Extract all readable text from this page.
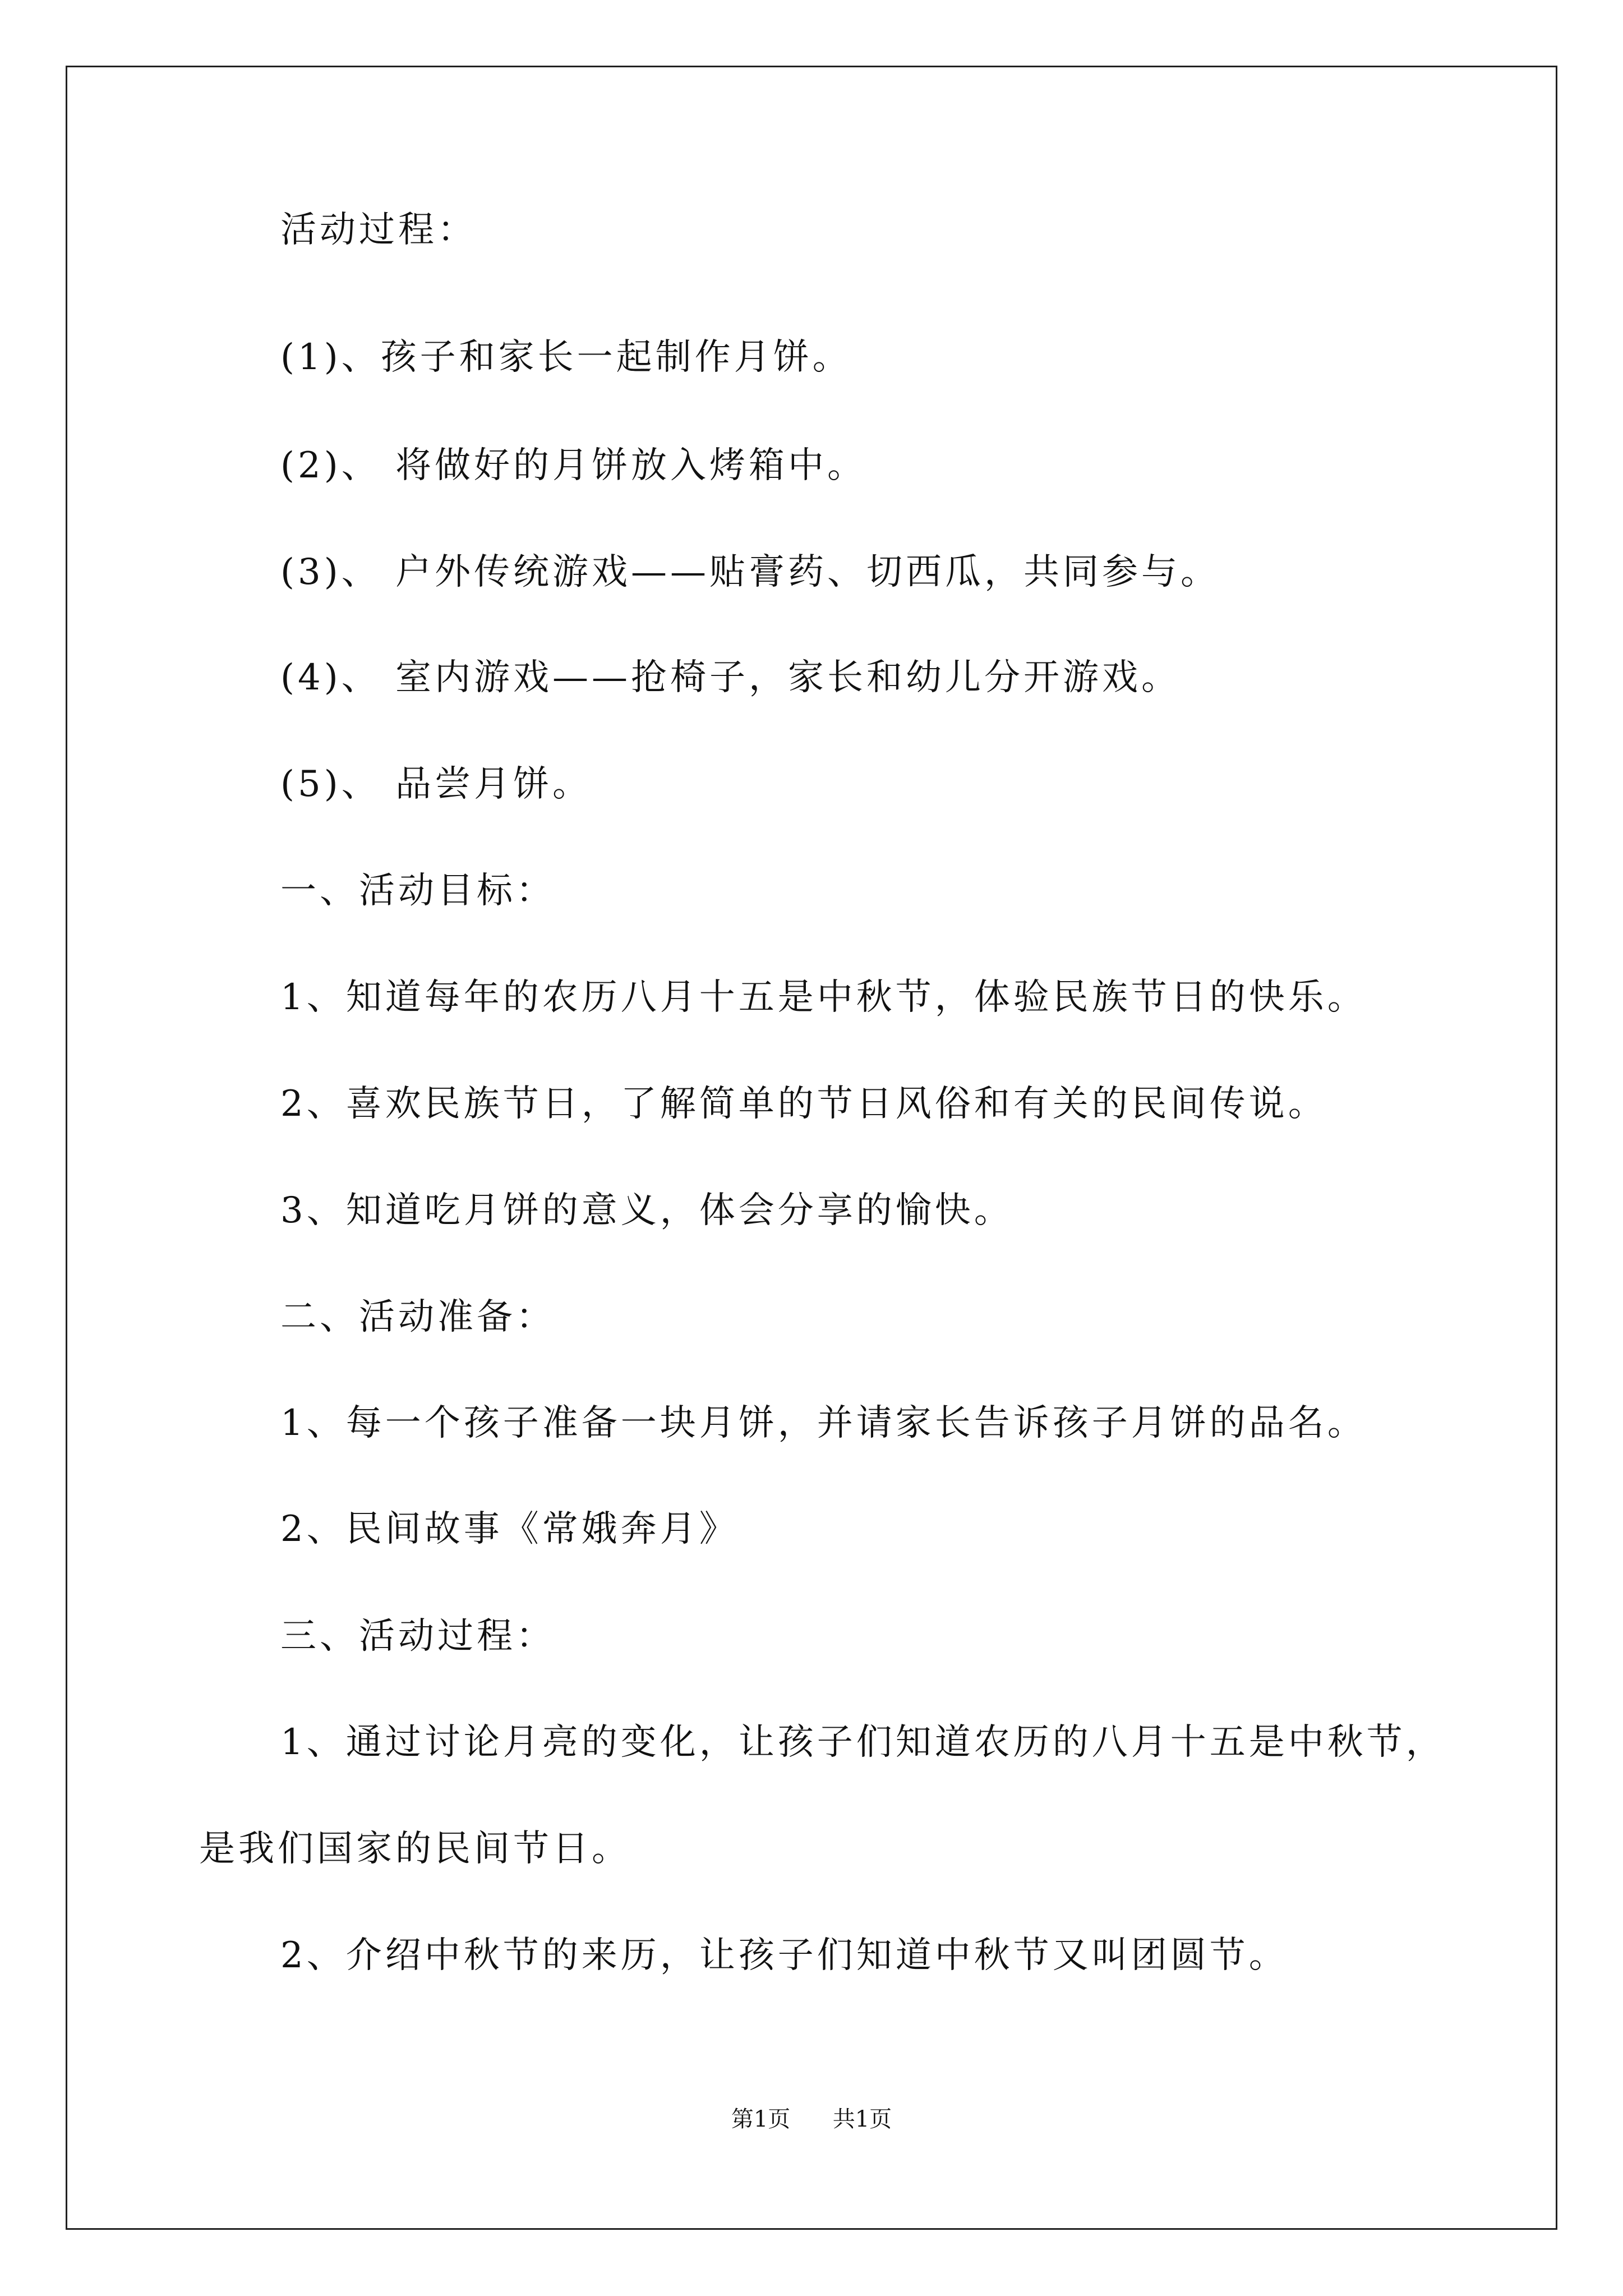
活动过程：
(1)、孩子和家长一起制作月饼。
(2)、 将做好的月饼放入烤箱中。
(3)、 户外传统游戏——贴膏药、切西瓜，共同参与。
(4)、 室内游戏——抢椅子，家长和幼儿分开游戏。
(5)、 品尝月饼。
一、活动目标：
1、知道每年的农历八月十五是中秋节，体验民族节日的快乐。
2、喜欢民族节日，了解简单的节日风俗和有关的民间传说。
3、知道吃月饼的意义，体会分享的愉快。
二、活动准备：
1、每一个孩子准备一块月饼，并请家长告诉孩子月饼的品名。
2、民间故事《常娥奔月》
三、活动过程：
1、通过讨论月亮的变化，让孩子们知道农历的八月十五是中秋节，
是我们国家的民间节日。
2、介绍中秋节的来历，让孩子们知道中秋节又叫团圆节。
第1页 共1页
